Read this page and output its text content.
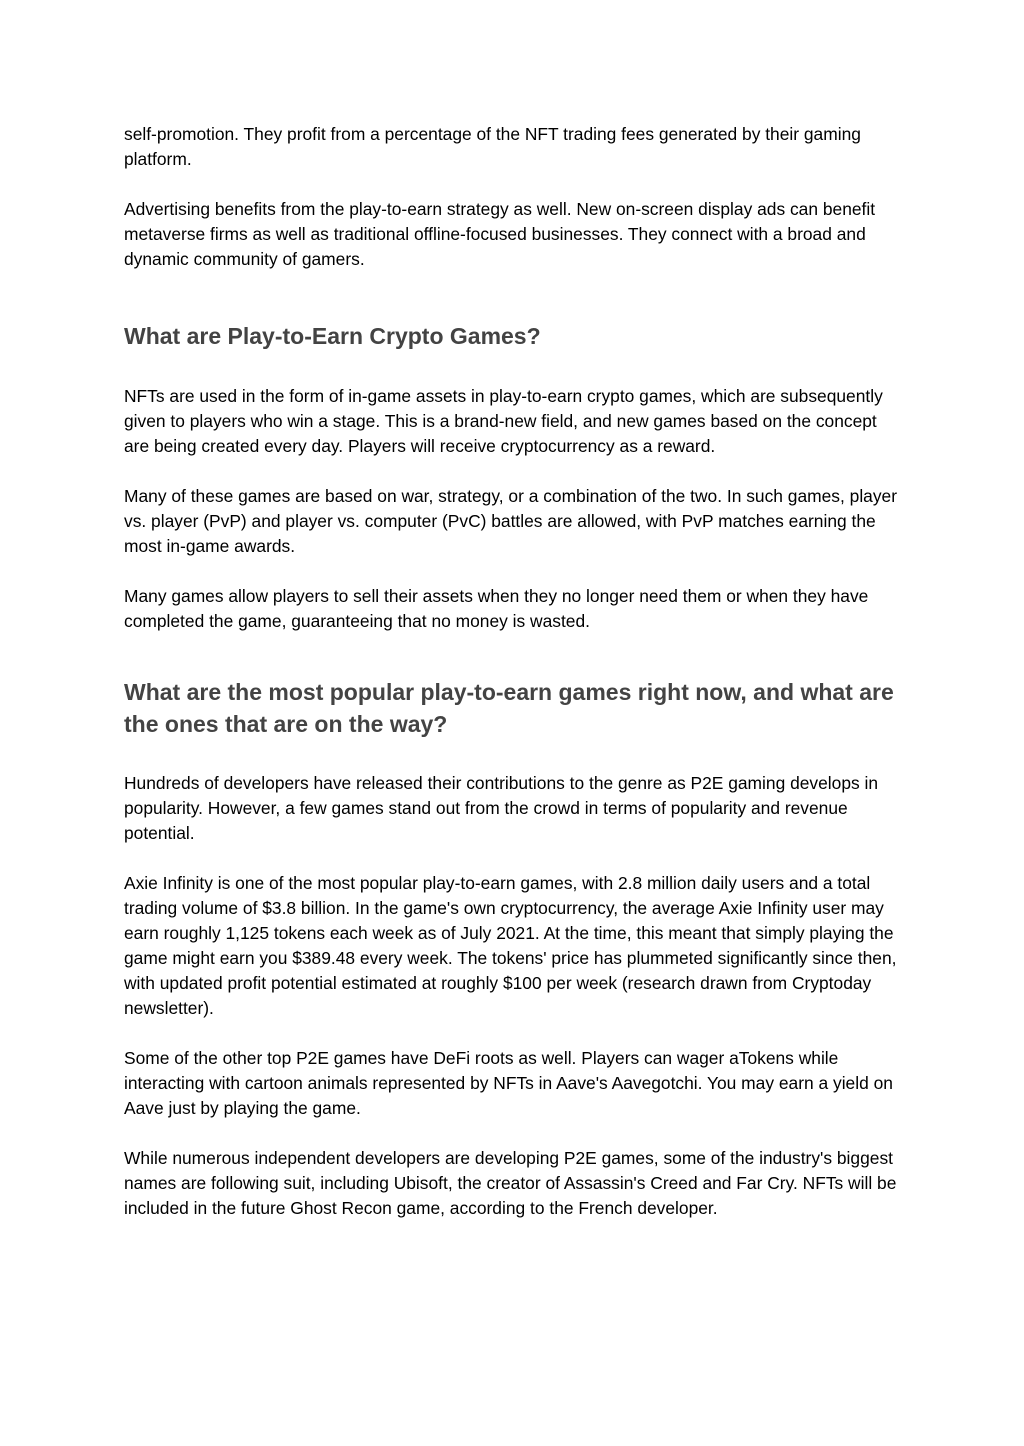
self-promotion. They profit from a percentage of the NFT trading fees generated by their gaming platform.

Advertising benefits from the play-to-earn strategy as well. New on-screen display ads can benefit metaverse firms as well as traditional offline-focused businesses. They connect with a broad and dynamic community of gamers.

What are Play-to-Earn Crypto Games?

NFTs are used in the form of in-game assets in play-to-earn crypto games, which are subsequently given to players who win a stage. This is a brand-new field, and new games based on the concept are being created every day. Players will receive cryptocurrency as a reward.

Many of these games are based on war, strategy, or a combination of the two. In such games, player vs. player (PvP) and player vs. computer (PvC) battles are allowed, with PvP matches earning the most in-game awards.

Many games allow players to sell their assets when they no longer need them or when they have completed the game, guaranteeing that no money is wasted.

What are the most popular play-to-earn games right now, and what are the ones that are on the way?

Hundreds of developers have released their contributions to the genre as P2E gaming develops in popularity. However, a few games stand out from the crowd in terms of popularity and revenue potential.

Axie Infinity is one of the most popular play-to-earn games, with 2.8 million daily users and a total trading volume of $3.8 billion. In the game's own cryptocurrency, the average Axie Infinity user may earn roughly 1,125 tokens each week as of July 2021. At the time, this meant that simply playing the game might earn you $389.48 every week. The tokens' price has plummeted significantly since then, with updated profit potential estimated at roughly $100 per week (research drawn from Cryptoday newsletter).

Some of the other top P2E games have DeFi roots as well. Players can wager aTokens while interacting with cartoon animals represented by NFTs in Aave's Aavegotchi. You may earn a yield on Aave just by playing the game.

While numerous independent developers are developing P2E games, some of the industry's biggest names are following suit, including Ubisoft, the creator of Assassin's Creed and Far Cry. NFTs will be included in the future Ghost Recon game, according to the French developer.
